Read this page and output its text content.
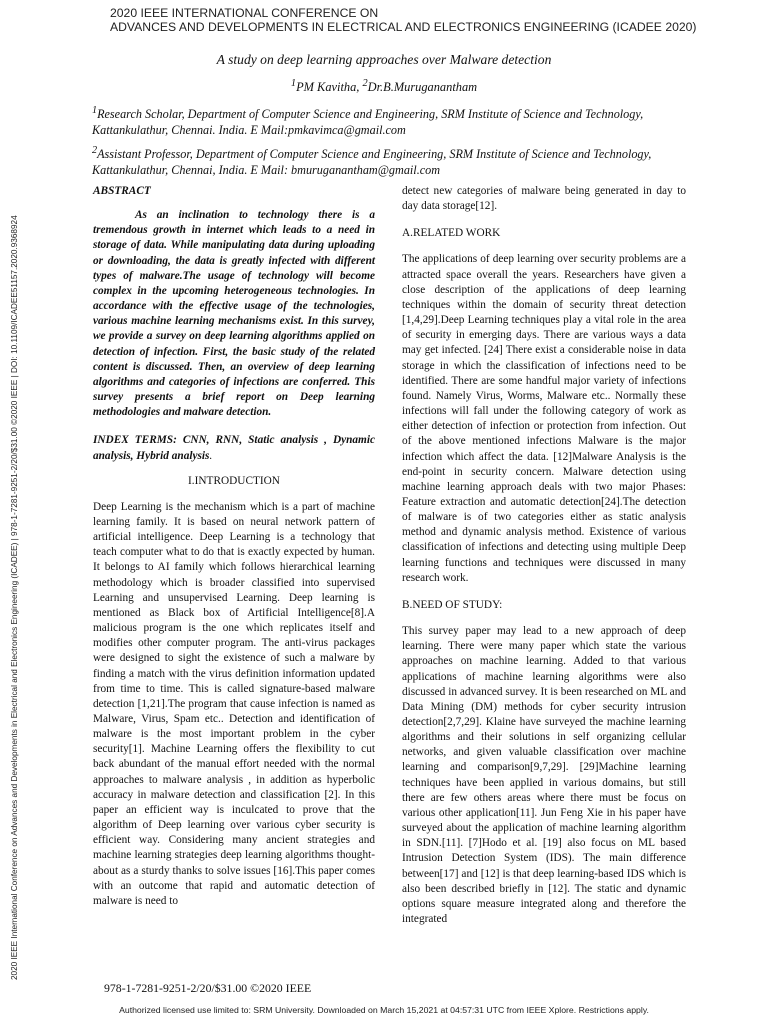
2020 IEEE INTERNATIONAL CONFERENCE ON
ADVANCES AND DEVELOPMENTS IN ELECTRICAL AND ELECTRONICS ENGINEERING (ICADEE 2020)
A study on deep learning approaches over Malware detection
$^1$PM Kavitha, $^2$Dr.B.Muruganantham
$^1$Research Scholar, Department of Computer Science and Engineering, SRM Institute of Science and Technology,
Kattankulathur, Chennai. India. E Mail:pmkavimca@gmail.com
$^2$Assistant Professor, Department of Computer Science and Engineering, SRM Institute of Science and Technology,
Kattankulathur, Chennai, India. E Mail: bmuruganantham@gmail.com
2020 IEEE International Conference on Advances and Developments in Electrical and Electronics Engineering (ICADEE) | 978-1-7281-9251-2/20/$31.00 ©2020 IEEE | DOI: 10.1109/ICADEE51157.2020.9368924

ABSTRACT

As an inclination to technology there is a tremendous growth in internet which leads to a need in storage of data. While manipulating data during uploading or downloading, the data is greatly infected with different types of malware.The usage of technology will become complex in the upcoming heterogeneous technologies. In accordance with the effective usage of the technologies, various machine learning mechanisms exist. In this survey, we provide a survey on deep learning algorithms applied on detection of infection. First, the basic study of the related content is discussed. Then, an overview of deep learning algorithms and categories of infections are conferred. This survey presents a brief report on Deep learning methodologies and malware detection.

INDEX TERMS: CNN, RNN, Static analysis , Dynamic analysis, Hybrid analysis.

I.INTRODUCTION

Deep Learning is the mechanism which is a part of machine learning family. It is based on neural network pattern of artificial intelligence. Deep Learning is a technology that teach computer what to do that is exactly expected by human. It belongs to AI family which follows hierarchical learning methodology which is broader classified into supervised Learning and unsupervised Learning. Deep learning is mentioned as Black box of Artificial Intelligence[8].A malicious program is the one which replicates itself and modifies other computer program. The anti-virus packages were designed to sight the existence of such a malware by finding a match with the virus definition information updated from time to time. This is called signature-based malware detection [1,21].The program that cause infection is named as Malware, Virus, Spam etc.. Detection and identification of malware is the most important problem in the cyber security[1]. Machine Learning offers the flexibility to cut back abundant of the manual effort needed with the normal approaches to malware analysis , in addition as hyperbolic accuracy in malware detection and classification [2]. In this paper an efficient way is inculcated to prove that the algorithm of Deep learning over various cyber security is efficient way. Considering many ancient strategies and machine learning strategies deep learning algorithms thought-about as a sturdy thanks to solve issues [16].This paper comes with an outcome that rapid and automatic detection of malware is need to

detect new categories of malware being generated in day to day data storage[12].

A.RELATED WORK

The applications of deep learning over security problems are a attracted space overall the years. Researchers have given a close description of the applications of deep learning techniques within the domain of security threat detection [1,4,29].Deep Learning techniques play a vital role in the area of security in emerging days. There are various ways a data may get infected. [24] There exist a considerable noise in data storage in which the classification of infections need to be identified. There are some handful major variety of infections found. Namely Virus, Worms, Malware etc.. Normally these infections will fall under the following category of work as either detection of infection or protection from infection. Out of the above mentioned infections Malware is the major infection which affect the data. [12]Malware Analysis is the end-point in security concern. Malware detection using machine learning approach deals with two major Phases: Feature extraction and automatic detection[24].The detection of malware is of two categories either as static analysis method and dynamic analysis method. Existence of various classification of infections and detecting using multiple Deep learning functions and techniques were discussed in many research work.

B.NEED OF STUDY:

This survey paper may lead to a new approach of deep learning. There were many paper which state the various approaches on machine learning. Added to that various applications of machine learning algorithms were also discussed in advanced survey. It is been researched on ML and Data Mining (DM) methods for cyber security intrusion detection[2,7,29]. Klaine have surveyed the machine learning algorithms and their solutions in self organizing cellular networks, and given valuable classification over machine learning and comparison[9,7,29]. [29]Machine learning techniques have been applied in various domains, but still there are few others areas where there must be focus on various other application[11]. Jun Feng Xie in his paper have surveyed about the application of machine learning algorithm in SDN.[11]. [7]Hodo et al. [19] also focus on ML based Intrusion Detection System (IDS). The main difference between[17] and [12] is that deep learning-based IDS which is also been described briefly in [12]. The static and dynamic options square measure integrated along and therefore the integrated

978-1-7281-9251-2/20/$31.00 ©2020 IEEE
Authorized licensed use limited to: SRM University. Downloaded on March 15,2021 at 04:57:31 UTC from IEEE Xplore. Restrictions apply.
